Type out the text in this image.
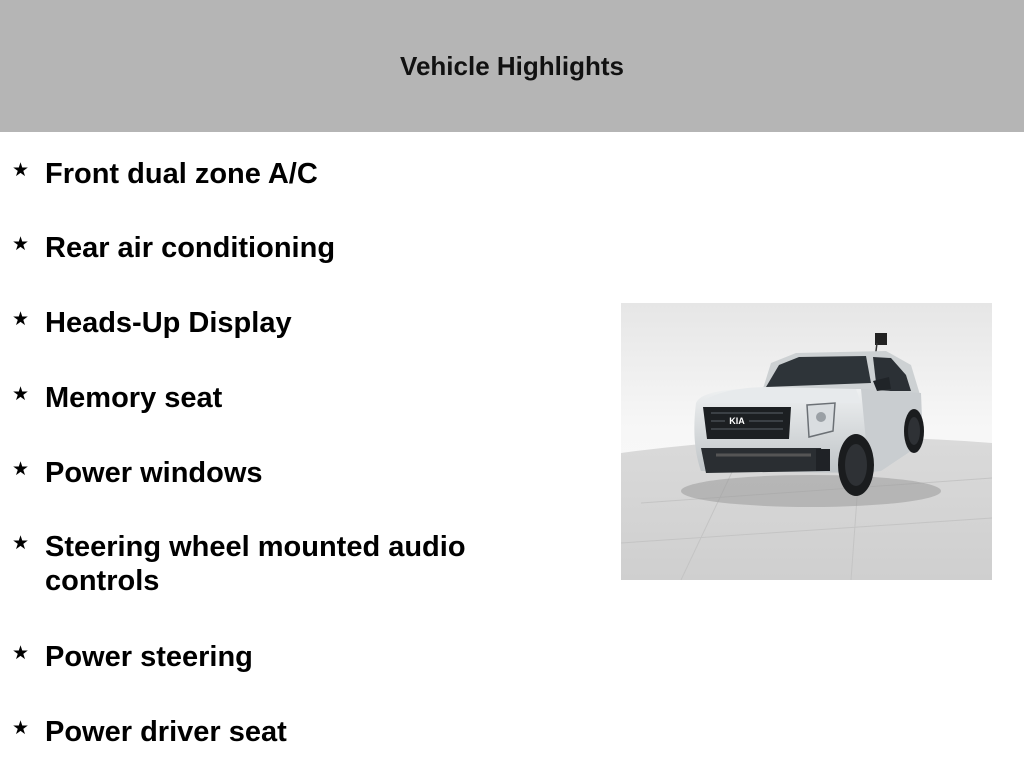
Vehicle Highlights
★ Front dual zone A/C
★ Rear air conditioning
★ Heads-Up Display
★ Memory seat
★ Power windows
★ Steering wheel mounted audio controls
★ Power steering
★ Power driver seat
KIA
